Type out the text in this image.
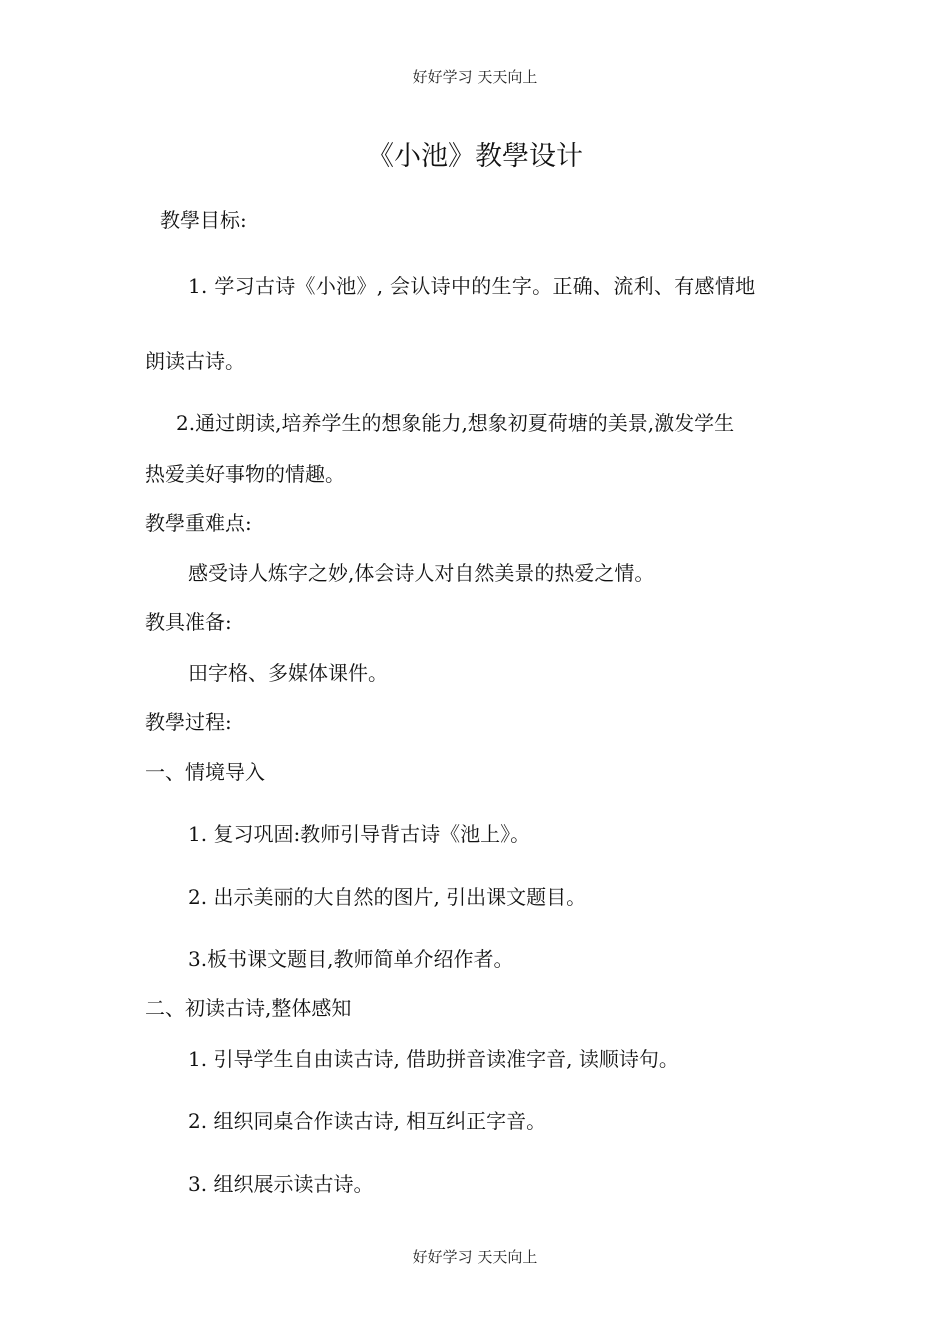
好好学习 天天向上
《小池》教學设计
教學目标:
1. 学习古诗《小池》, 会认诗中的生字。正确、流利、有感情地
朗读古诗。
2.通过朗读,培养学生的想象能力,想象初夏荷塘的美景,激发学生
热爱美好事物的情趣。
教學重难点:
感受诗人炼字之妙,体会诗人对自然美景的热爱之情。
教具准备:
田字格、多媒体课件。
教學过程:
一、情境导入
1. 复习巩固:教师引导背古诗《池上》。
2. 出示美丽的大自然的图片, 引出课文题目。
3.板书课文题目,教师简单介绍作者。
二、初读古诗,整体感知
1. 引导学生自由读古诗, 借助拼音读准字音, 读顺诗句。
2. 组织同桌合作读古诗, 相互纠正字音。
3. 组织展示读古诗。
好好学习 天天向上
